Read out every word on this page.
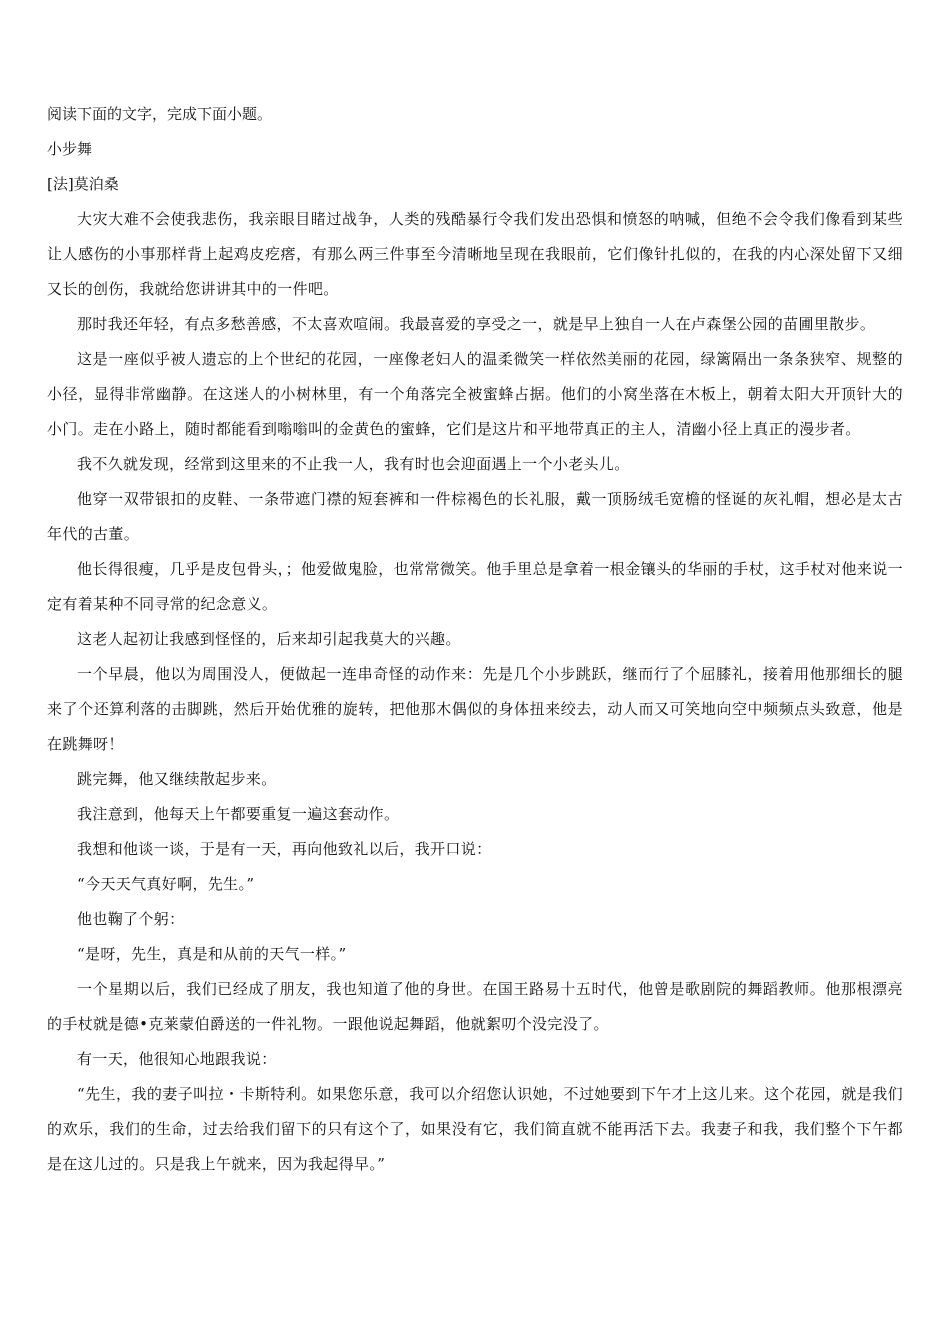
阅读下面的文字，完成下面小题。

小步舞

[法]莫泊桑

大灾大难不会使我悲伤，我亲眼目睹过战争，人类的残酷暴行令我们发出恐惧和愤怒的呐喊，但绝不会令我们像看到某些让人感伤的小事那样背上起鸡皮疙瘩，有那么两三件事至今清晰地呈现在我眼前，它们像针扎似的，在我的内心深处留下又细又长的创伤，我就给您讲讲其中的一件吧。

那时我还年轻，有点多愁善感，不太喜欢喧闹。我最喜爱的享受之一，就是早上独自一人在卢森堡公园的苗圃里散步。

这是一座似乎被人遗忘的上个世纪的花园，一座像老妇人的温柔微笑一样依然美丽的花园，绿篱隔出一条条狭窄、规整的小径，显得非常幽静。在这迷人的小树林里，有一个角落完全被蜜蜂占据。他们的小窝坐落在木板上，朝着太阳大开顶针大的小门。走在小路上，随时都能看到嗡嗡叫的金黄色的蜜蜂，它们是这片和平地带真正的主人，清幽小径上真正的漫步者。

我不久就发现，经常到这里来的不止我一人，我有时也会迎面遇上一个小老头儿。

他穿一双带银扣的皮鞋、一条带遮门襟的短套裤和一件棕褐色的长礼服，戴一顶肠绒毛宽檐的怪诞的灰礼帽，想必是太古年代的古董。

他长得很瘦，几乎是皮包骨头，；他爱做鬼脸，也常常微笑。他手里总是拿着一根金镶头的华丽的手杖，这手杖对他来说一定有着某种不同寻常的纪念意义。

这老人起初让我感到怪怪的，后来却引起我莫大的兴趣。

一个早晨，他以为周围没人，便做起一连串奇怪的动作来：先是几个小步跳跃，继而行了个屈膝礼，接着用他那细长的腿来了个还算利落的击脚跳，然后开始优雅的旋转，把他那木偶似的身体扭来绞去，动人而又可笑地向空中频频点头致意，他是在跳舞呀！

跳完舞，他又继续散起步来。

我注意到，他每天上午都要重复一遍这套动作。

我想和他谈一谈，于是有一天，再向他致礼以后，我开口说：

“今天天气真好啊，先生。”

他也鞠了个躬：

“是呀，先生，真是和从前的天气一样。”

一个星期以后，我们已经成了朋友，我也知道了他的身世。在国王路易十五时代，他曾是歌剧院的舞蹈教师。他那根漂亮的手杖就是德•克莱蒙伯爵送的一件礼物。一跟他说起舞蹈，他就絮叨个没完没了。

有一天，他很知心地跟我说：

“先生，我的妻子叫拉・卡斯特利。如果您乐意，我可以介绍您认识她，不过她要到下午才上这儿来。这个花园，就是我们的欢乐，我们的生命，过去给我们留下的只有这个了，如果没有它，我们简直就不能再活下去。我妻子和我，我们整个下午都是在这儿过的。只是我上午就来，因为我起得早。”
